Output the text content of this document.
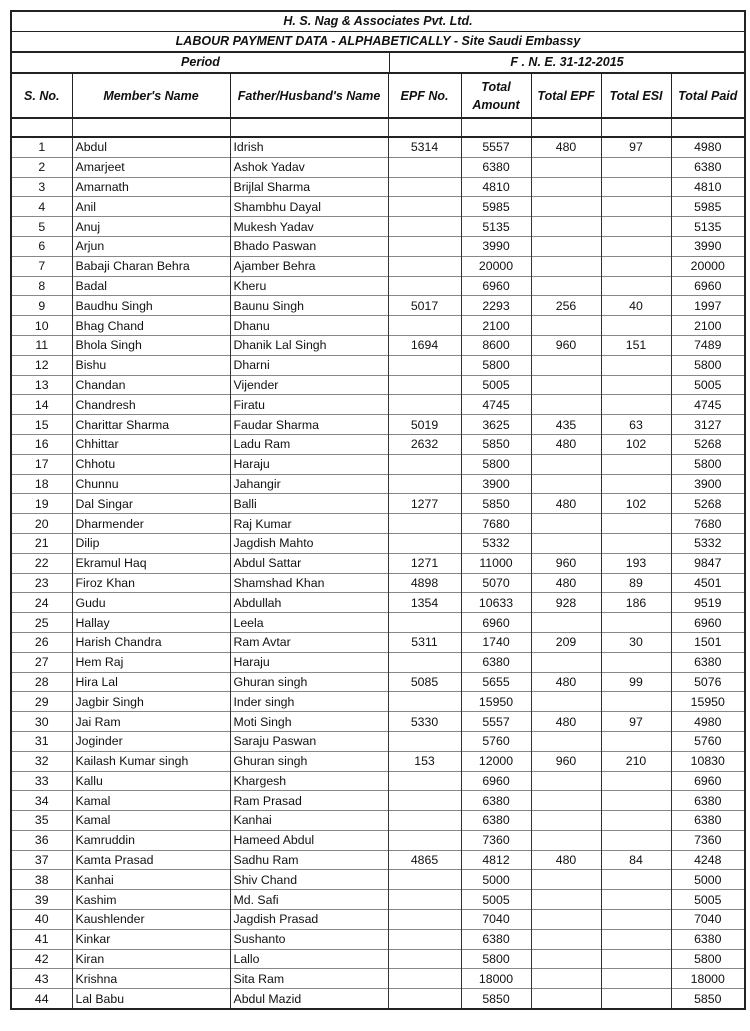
H. S. Nag & Associates Pvt. Ltd.
LABOUR PAYMENT DATA - ALPHABETICALLY - Site Saudi Embassy
Period	F . N. E. 31-12-2015
S. No.	Member's Name	Father/Husband's Name	EPF No.	Total Amount	Total EPF	Total ESI	Total Paid

1	Abdul	Idrish	5314	5557	480	97	4980
2	Amarjeet	Ashok Yadav		6380			6380
3	Amarnath	Brijlal Sharma		4810			4810
4	Anil	Shambhu Dayal		5985			5985
5	Anuj	Mukesh Yadav		5135			5135
6	Arjun	Bhado Paswan		3990			3990
7	Babaji Charan Behra	Ajamber Behra		20000			20000
8	Badal	Kheru		6960			6960
9	Baudhu Singh	Baunu Singh	5017	2293	256	40	1997
10	Bhag Chand	Dhanu		2100			2100
11	Bhola Singh	Dhanik Lal Singh	1694	8600	960	151	7489
12	Bishu	Dharni		5800			5800
13	Chandan	Vijender		5005			5005
14	Chandresh	Firatu		4745			4745
15	Charittar Sharma	Faudar Sharma	5019	3625	435	63	3127
16	Chhittar	Ladu Ram	2632	5850	480	102	5268
17	Chhotu	Haraju		5800			5800
18	Chunnu	Jahangir		3900			3900
19	Dal Singar	Balli	1277	5850	480	102	5268
20	Dharmender	Raj Kumar		7680			7680
21	Dilip	Jagdish Mahto		5332			5332
22	Ekramul Haq	Abdul Sattar	1271	11000	960	193	9847
23	Firoz Khan	Shamshad Khan	4898	5070	480	89	4501
24	Gudu	Abdullah	1354	10633	928	186	9519
25	Hallay	Leela		6960			6960
26	Harish Chandra	Ram Avtar	5311	1740	209	30	1501
27	Hem Raj	Haraju		6380			6380
28	Hira Lal	Ghuran singh	5085	5655	480	99	5076
29	Jagbir Singh	Inder singh		15950			15950
30	Jai Ram	Moti Singh	5330	5557	480	97	4980
31	Joginder	Saraju Paswan		5760			5760
32	Kailash Kumar singh	Ghuran singh	153	12000	960	210	10830
33	Kallu	Khargesh		6960			6960
34	Kamal	Ram Prasad		6380			6380
35	Kamal	Kanhai		6380			6380
36	Kamruddin	Hameed Abdul		7360			7360
37	Kamta Prasad	Sadhu Ram	4865	4812	480	84	4248
38	Kanhai	Shiv Chand		5000			5000
39	Kashim	Md. Safi		5005			5005
40	Kaushlender	Jagdish Prasad		7040			7040
41	Kinkar	Sushanto		6380			6380
42	Kiran	Lallo		5800			5800
43	Krishna	Sita Ram		18000			18000
44	Lal Babu	Abdul Mazid		5850			5850
